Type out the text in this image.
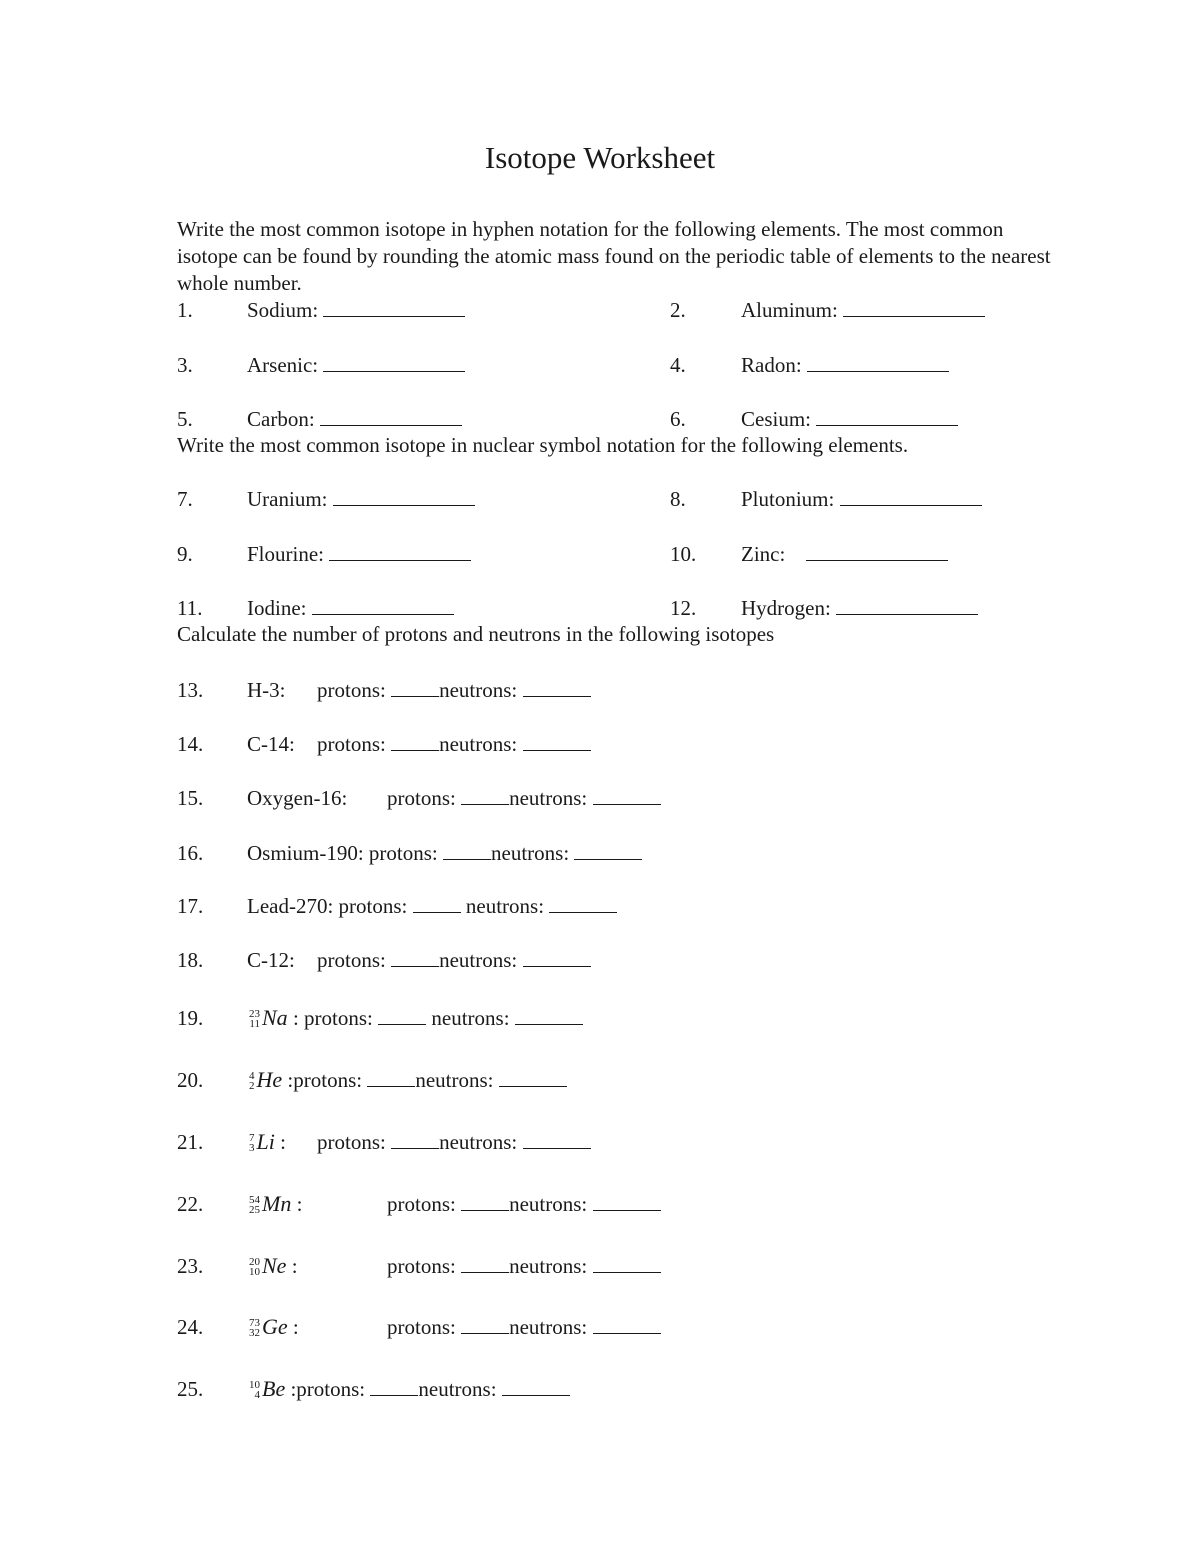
Isotope Worksheet
Write the most common isotope in hyphen notation for the following elements. The most common isotope can be found by rounding the atomic mass found on the periodic table of elements to the nearest whole number.
1.	Sodium:	2.	Aluminum:
3.	Arsenic:	4.	Radon:
5.	Carbon:	6.	Cesium:
Write the most common isotope in nuclear symbol notation for the following elements.
7.	Uranium:	8.	Plutonium:
9.	Flourine:	10. Zinc:
11. Iodine:	12. Hydrogen:
Calculate the number of protons and neutrons in the following isotopes
13. H-3: protons:	neutrons:
14. C-14: protons:	neutrons:
15. Oxygen-16: protons:	neutrons:
16. Osmium-190: protons:	neutrons:
17. Lead-270: protons:	neutrons:
18. C-12: protons:	neutrons:
19.	23
11 Na : protons:	neutrons:
20.	4
2 He :protons:	neutrons:
21.	7
3 Li : protons:	neutrons:
22.	54
25 Mn :	protons:	neutrons:
23.	20
10 Ne :	protons:	neutrons:
24.	73
32 Ge :	protons:	neutrons:
25.	10
4 Be :protons:	neutrons:
